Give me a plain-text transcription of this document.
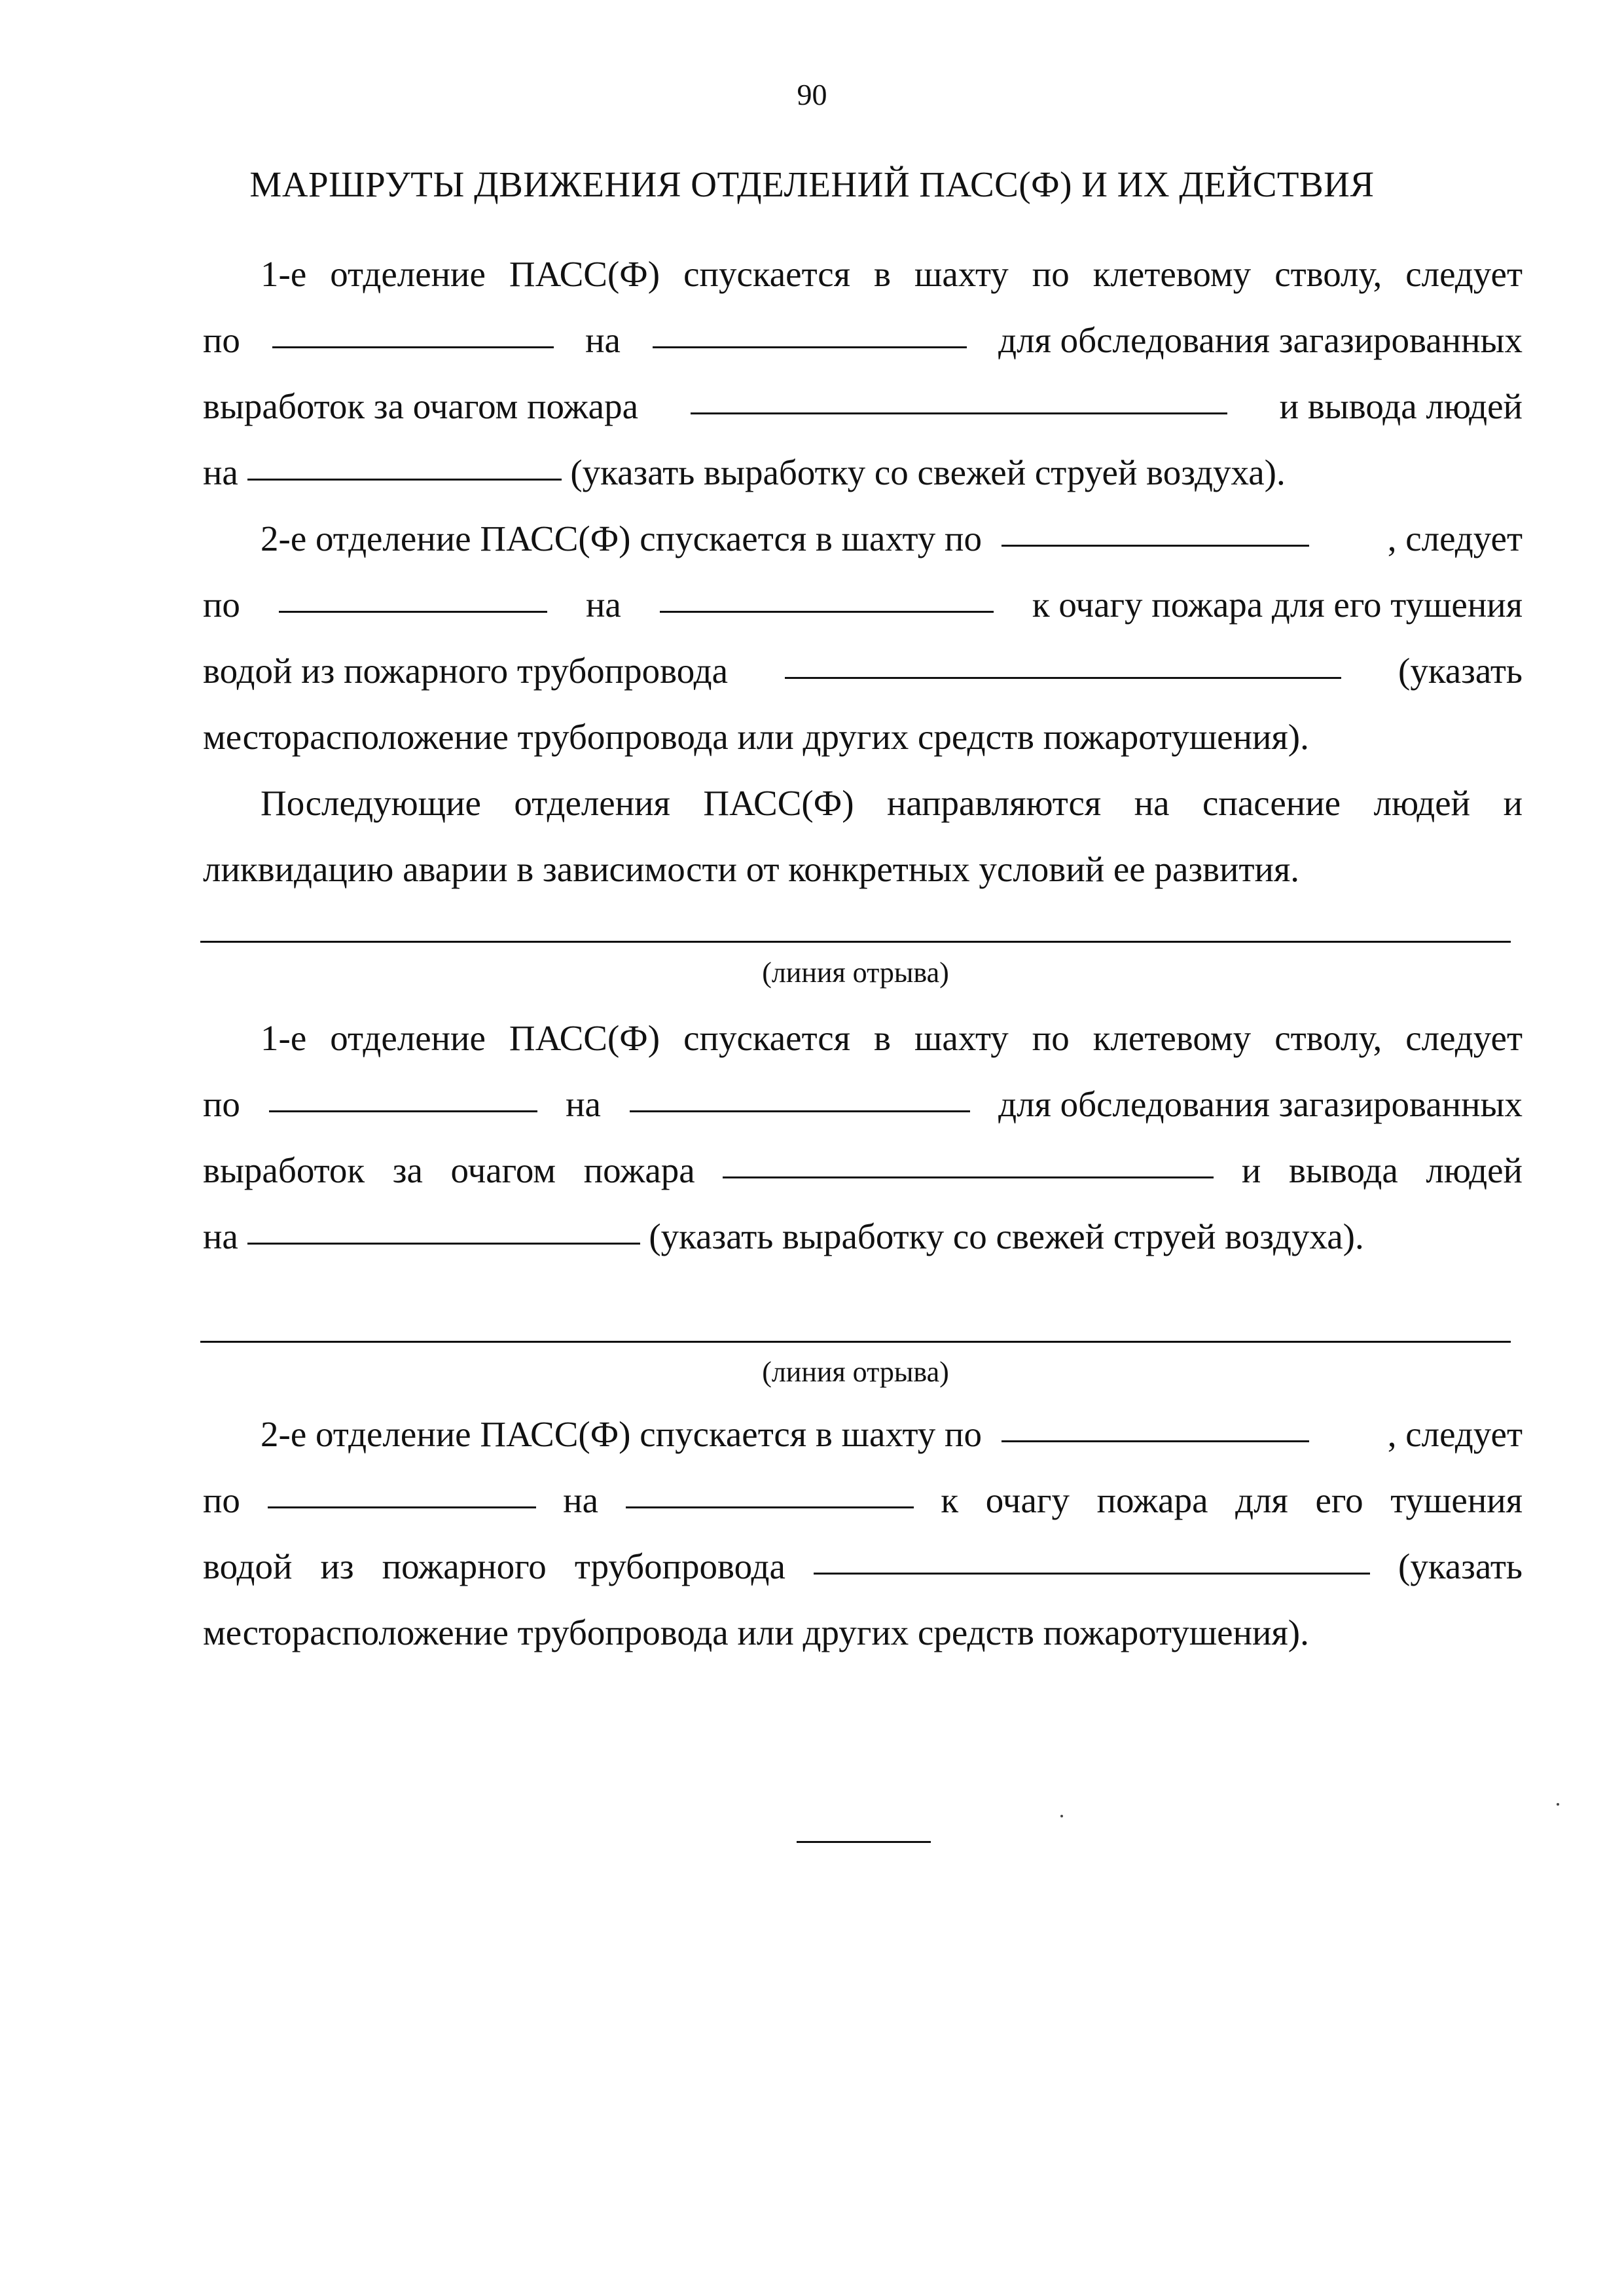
90
МАРШРУТЫ ДВИЖЕНИЯ ОТДЕЛЕНИЙ ПАСС(Ф) И ИХ ДЕЙСТВИЯ
1-е отделение ПАСС(Ф) спускается в шахту по клетевому стволу, следует
по	на	для обследования загазированных
выработок за очагом пожара	и вывода людей
на	(указать выработку со свежей струей воздуха).
2-е отделение ПАСС(Ф) спускается в шахту по	, следует
по	на	к очагу пожара для его тушения
водой из пожарного трубопровода	(указать
месторасположение трубопровода или других средств пожаротушения).
Последующие отделения ПАСС(Ф) направляются на спасение людей и
ликвидацию аварии в зависимости от конкретных условий ее развития.
(линия отрыва)
1-е отделение ПАСС(Ф) спускается в шахту по клетевому стволу, следует
по	на	для обследования загазированных
выработок за очагом пожара	и вывода людей
на	(указать выработку со свежей струей воздуха).
(линия отрыва)
2-е отделение ПАСС(Ф) спускается в шахту по	, следует
по	на	к очагу пожара для его тушения
водой из пожарного трубопровода	(указать
месторасположение трубопровода или других средств пожаротушения).
